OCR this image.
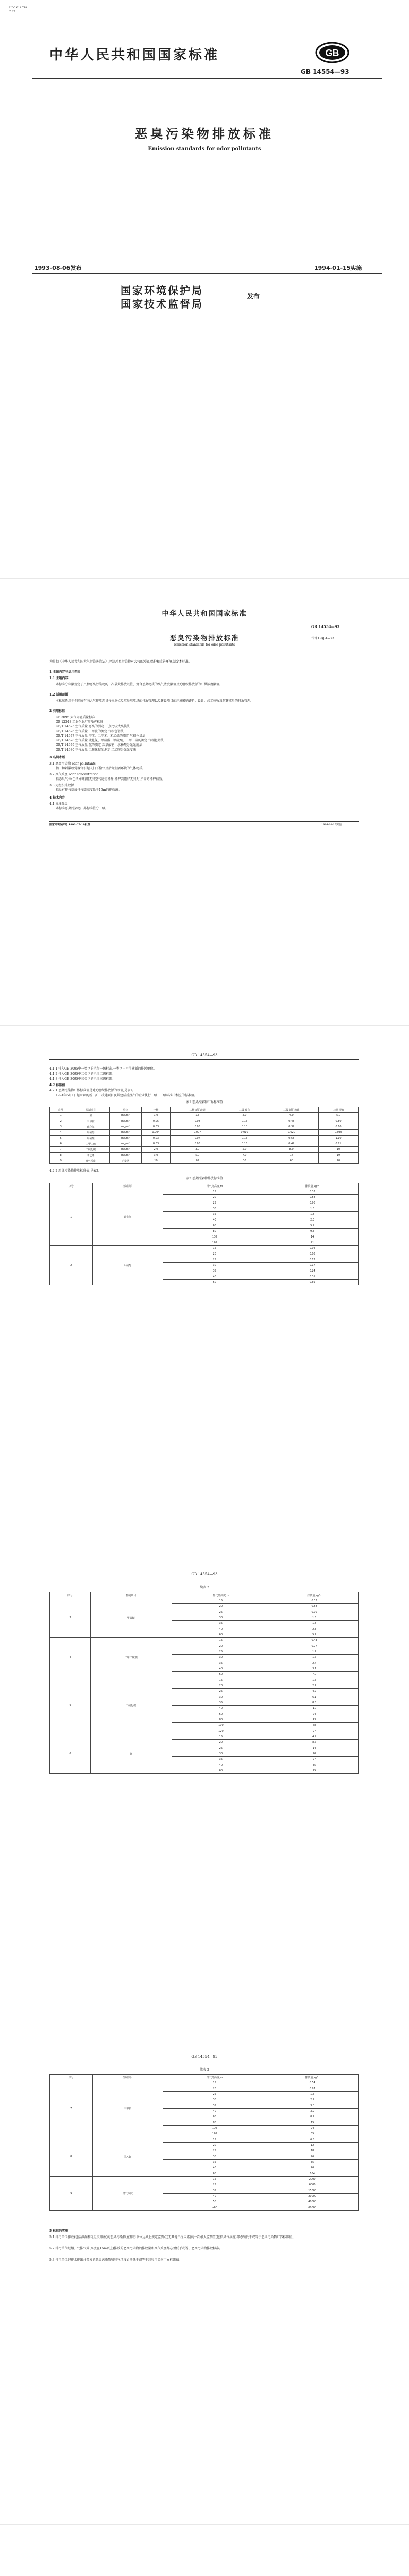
UDC 614.718
Z 67
中华人民共和国国家标准	GB
GB 14554—93
恶臭污染物排放标准
Emission standards for odor pollutants
1993-08-06发布	1994-01-15实施
国家环境保护局
国家技术监督局
发布
中华人民共和国国家标准
恶臭污染物排放标准
Emission standards for odor pollutants
GB 14554—93
代替 GBJ 4—73
为贯彻《中华人民共和国大气污染防治法》,控制恶臭污染物对大气的污染,保护和改善环境,制定本标准。
1 主题内容与适用范围
1.1 主题内容
本标准分年限规定了八种恶臭污染物的一次最大排放限值、复合恶臭物质的臭气浓度限值及无组织排放源的厂界浓度限值。
1.2 适用范围
本标准适用于全国所有向大气排放恶臭气体单位及垃圾堆放场的排放管理以及建设项目的环境影响评价、设计、竣工验收及其建成后的排放管理。
2 引用标准
GB 3095 大气环境质量标准
GB 12348 工业企业厂界噪声标准
GB/T 14675 空气质量 恶臭的测定 三点比较式臭袋法
GB/T 14676 空气质量 三甲胺的测定 气相色谱法
GB/T 14677 空气质量 甲苯、二甲苯、苯乙烯的测定 气相色谱法
GB/T 14678 空气质量 硫化氢、甲硫醇、甲硫醚、二甲二硫的测定 气相色谱法
GB/T 14679 空气质量 氨的测定 次氯酸钠—水杨酸分光光度法
GB/T 14680 空气质量 二硫化碳的测定 二乙胺分光光度法
3 名词术语
3.1 恶臭污染物 odor pollutants
指一切刺激嗅觉器官引起人们不愉快及损害生活环境的气体物质。
3.2 臭气浓度 odor concentration
指恶臭气体(包括异味)用无臭空气进行稀释,稀释到刚好无臭时,所需的稀释倍数。
3.3 无组织排放源
指没有排气筒或排气筒高度低于15m的排放源。
4 技术内容
4.1 标准分级
本标准恶臭污染物厂界标准值分三级。
国家环境保护局 1993-07-19批准	1994-01-15实施
GB 14554—93
4.1.1 排入GB 3095中一类区的执行一级标准,一类区中不得建新的排污单位。
4.1.2 排入GB 3095中二类区的执行二级标准。
4.1.3 排入GB 3095中三类区的执行三级标准。
4.2 标准值
4.2.1 恶臭污染物厂界标准值是对无组织排放源的限值,见表1。
1994年6月1日起立项的新、扩、改建项目及其建成后投产的企业执行二级、三级标准中相应的标准值。
表1 恶臭污染物厂界标准值
序号	控制项目	单位	一级	二级 新扩改建	二级 现有	三级 新扩改建	三级 现有
1	氨	mg/m³	1.0	1.5	2.0	4.0	5.0
2	三甲胺	mg/m³	0.05	0.08	0.15	0.45	0.80
3	硫化氢	mg/m³	0.03	0.06	0.10	0.32	0.60
4	甲硫醇	mg/m³	0.004	0.007	0.010	0.020	0.035
5	甲硫醚	mg/m³	0.03	0.07	0.15	0.55	1.10
6	二甲二硫	mg/m³	0.03	0.06	0.13	0.42	0.71
7	二硫化碳	mg/m³	2.0	3.0	5.0	8.0	10
8	苯乙烯	mg/m³	3.0	5.0	7.0	14	19
9	臭气浓度	无量纲	10	20	30	60	70
4.2.2 恶臭污染物排放标准值,见表2。
表2 恶臭污染物排放标准值
序号	控制项目	排气筒高度,m	排放量,kg/h
1	硫化氢	15	0.33
		20	0.58
		25	0.90
		30	1.3
		35	1.8
		40	2.3
		60	5.2
		80	9.3
		100	14
		120	21
2	甲硫醇	15	0.04
		20	0.08
		25	0.12
		30	0.17
		35	0.24
		40	0.31
		60	0.69
GB 14554—93
续表 2
序号	控制项目	排气筒高度,m	排放量,kg/h
3	甲硫醚	15	0.33
		20	0.58
		25	0.90
		30	1.3
		35	1.8
		40	2.3
		60	5.2
4	二甲二硫醚	15	0.43
		20	0.77
		25	1.2
		30	1.7
		35	2.4
		40	3.1
		60	7.0
5	二硫化碳	15	1.5
		20	2.7
		25	4.2
		30	6.1
		35	8.3
		40	11
		60	24
		80	43
		100	68
		120	97
6	氨	15	4.9
		20	8.7
		25	14
		30	20
		35	27
		40	35
		60	75
GB 14554—93
续表 2
序号	控制项目	排气筒高度,m	排放量,kg/h
7	三甲胺	15	0.54
		20	0.97
		25	1.5
		30	2.2
		35	3.0
		40	3.9
		60	8.7
		80	15
		100	24
		120	35
8	苯乙烯	15	6.5
		20	12
		25	18
		30	26
		35	35
		40	46
		60	104
9	臭气浓度	15	2000
		25	6000
		35	15000
		40	20000
		50	40000
		≥60	60000
5 标准的实施
5.1 排污单位排放(包括泄漏和无组织排放)的恶臭污染物,在排污单位边界上规定监测点(无其他干扰因素)的一次最大监测值(包括臭气浓度)都必须低于或等于恶臭污染物厂界标准值。
5.2 排污单位经烟、气排气筒(高度在15m以上)排放的恶臭污染物的排放量和臭气浓度都必须低于或等于恶臭污染物排放标准。
5.3 排污单位经排水排出并散发的恶臭污染物和臭气浓度必须低于或等于恶臭污染物厂界标准值。
